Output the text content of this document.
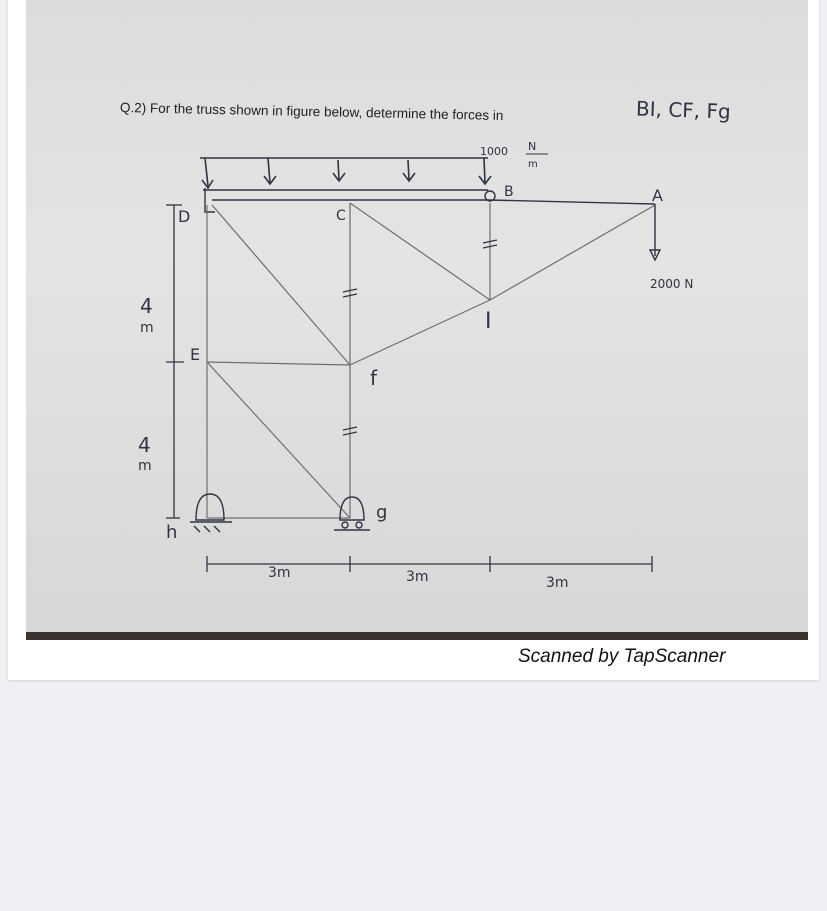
Q.2) For the truss shown in figure below, determine the forces in	BI, CF, Fg
1000 N
m
2000 N
A
B
C
D
E
f
g
h
I
4
m
4
m
3m	3m	3m
Scanned by TapScanner
